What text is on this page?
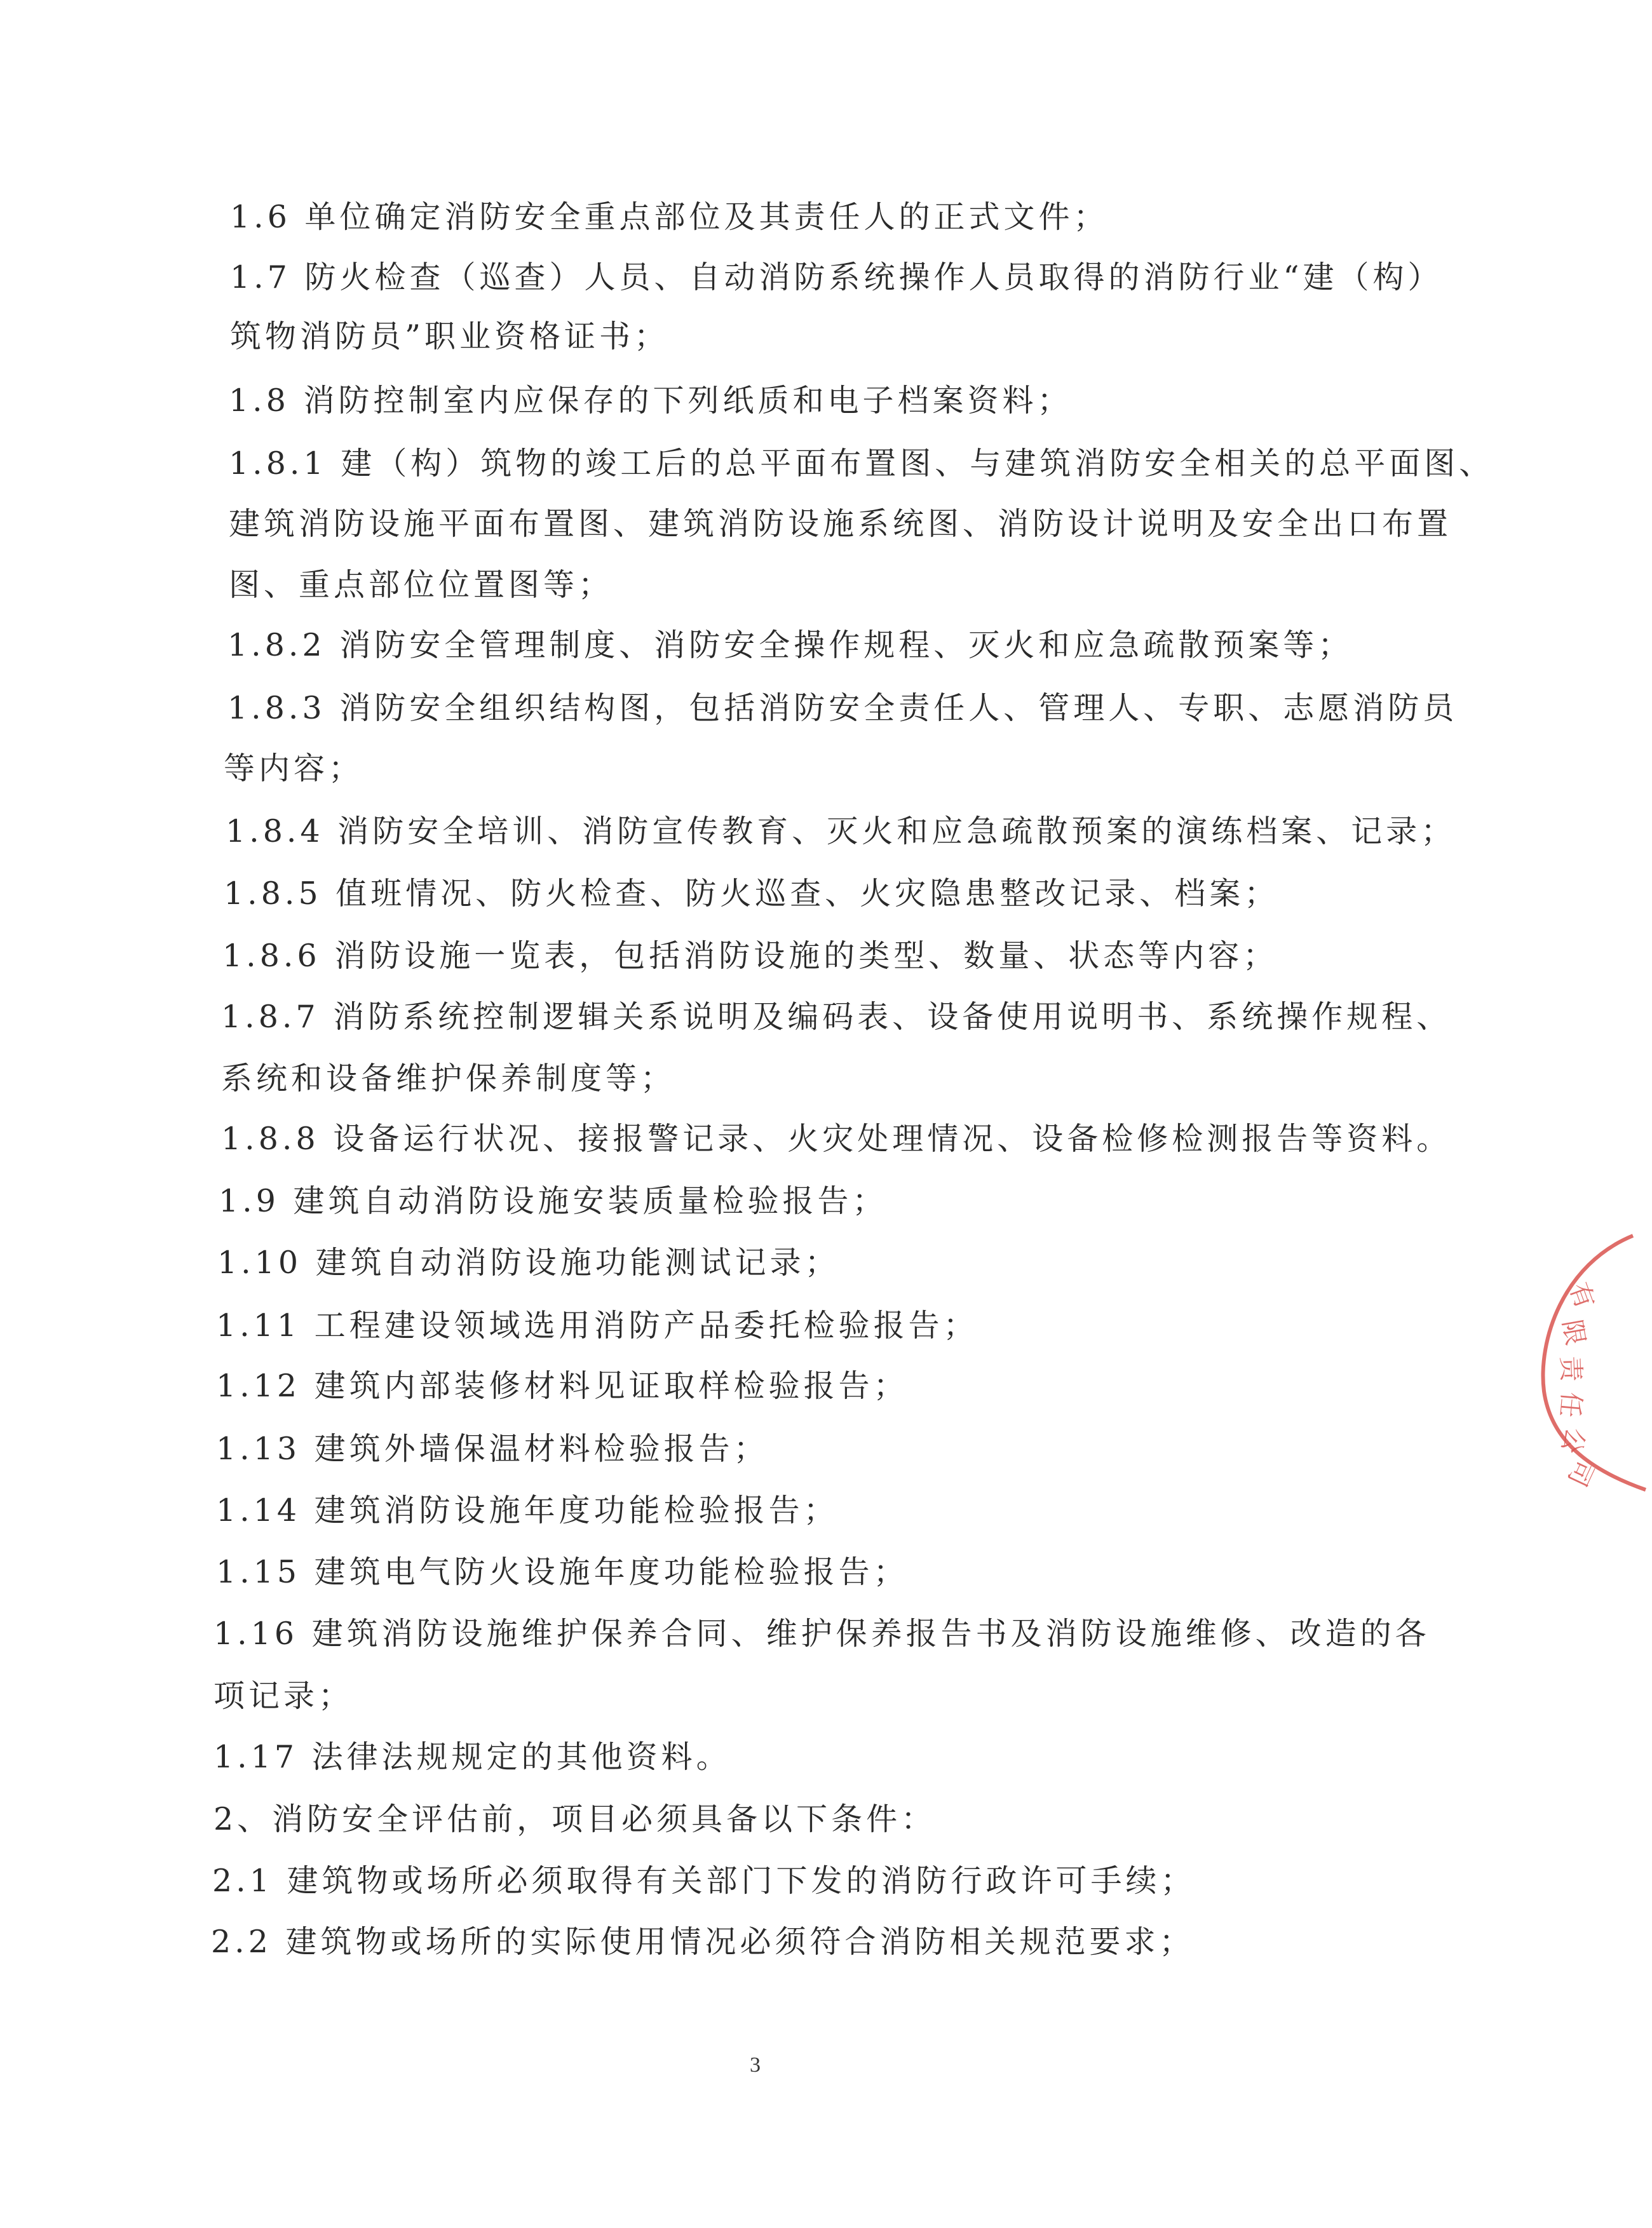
1.6 单位确定消防安全重点部位及其责任人的正式文件；
1.7 防火检查（巡查）人员、自动消防系统操作人员取得的消防行业“建（构）
筑物消防员”职业资格证书；
1.8 消防控制室内应保存的下列纸质和电子档案资料；
1.8.1 建（构）筑物的竣工后的总平面布置图、与建筑消防安全相关的总平面图、
建筑消防设施平面布置图、建筑消防设施系统图、消防设计说明及安全出口布置
图、重点部位位置图等；
1.8.2 消防安全管理制度、消防安全操作规程、灭火和应急疏散预案等；
1.8.3 消防安全组织结构图，包括消防安全责任人、管理人、专职、志愿消防员
等内容；
1.8.4 消防安全培训、消防宣传教育、灭火和应急疏散预案的演练档案、记录；
1.8.5 值班情况、防火检查、防火巡查、火灾隐患整改记录、档案；
1.8.6 消防设施一览表，包括消防设施的类型、数量、状态等内容；
1.8.7 消防系统控制逻辑关系说明及编码表、设备使用说明书、系统操作规程、
系统和设备维护保养制度等；
1.8.8 设备运行状况、接报警记录、火灾处理情况、设备检修检测报告等资料。
1.9 建筑自动消防设施安装质量检验报告；
1.10 建筑自动消防设施功能测试记录；
1.11 工程建设领域选用消防产品委托检验报告；
1.12 建筑内部装修材料见证取样检验报告；
1.13 建筑外墙保温材料检验报告；
1.14 建筑消防设施年度功能检验报告；
1.15 建筑电气防火设施年度功能检验报告；
1.16 建筑消防设施维护保养合同、维护保养报告书及消防设施维修、改造的各
项记录；
1.17 法律法规规定的其他资料。
2、消防安全评估前，项目必须具备以下条件：
2.1 建筑物或场所必须取得有关部门下发的消防行政许可手续；
2.2 建筑物或场所的实际使用情况必须符合消防相关规范要求；
3
有
限
责
任
公
司
